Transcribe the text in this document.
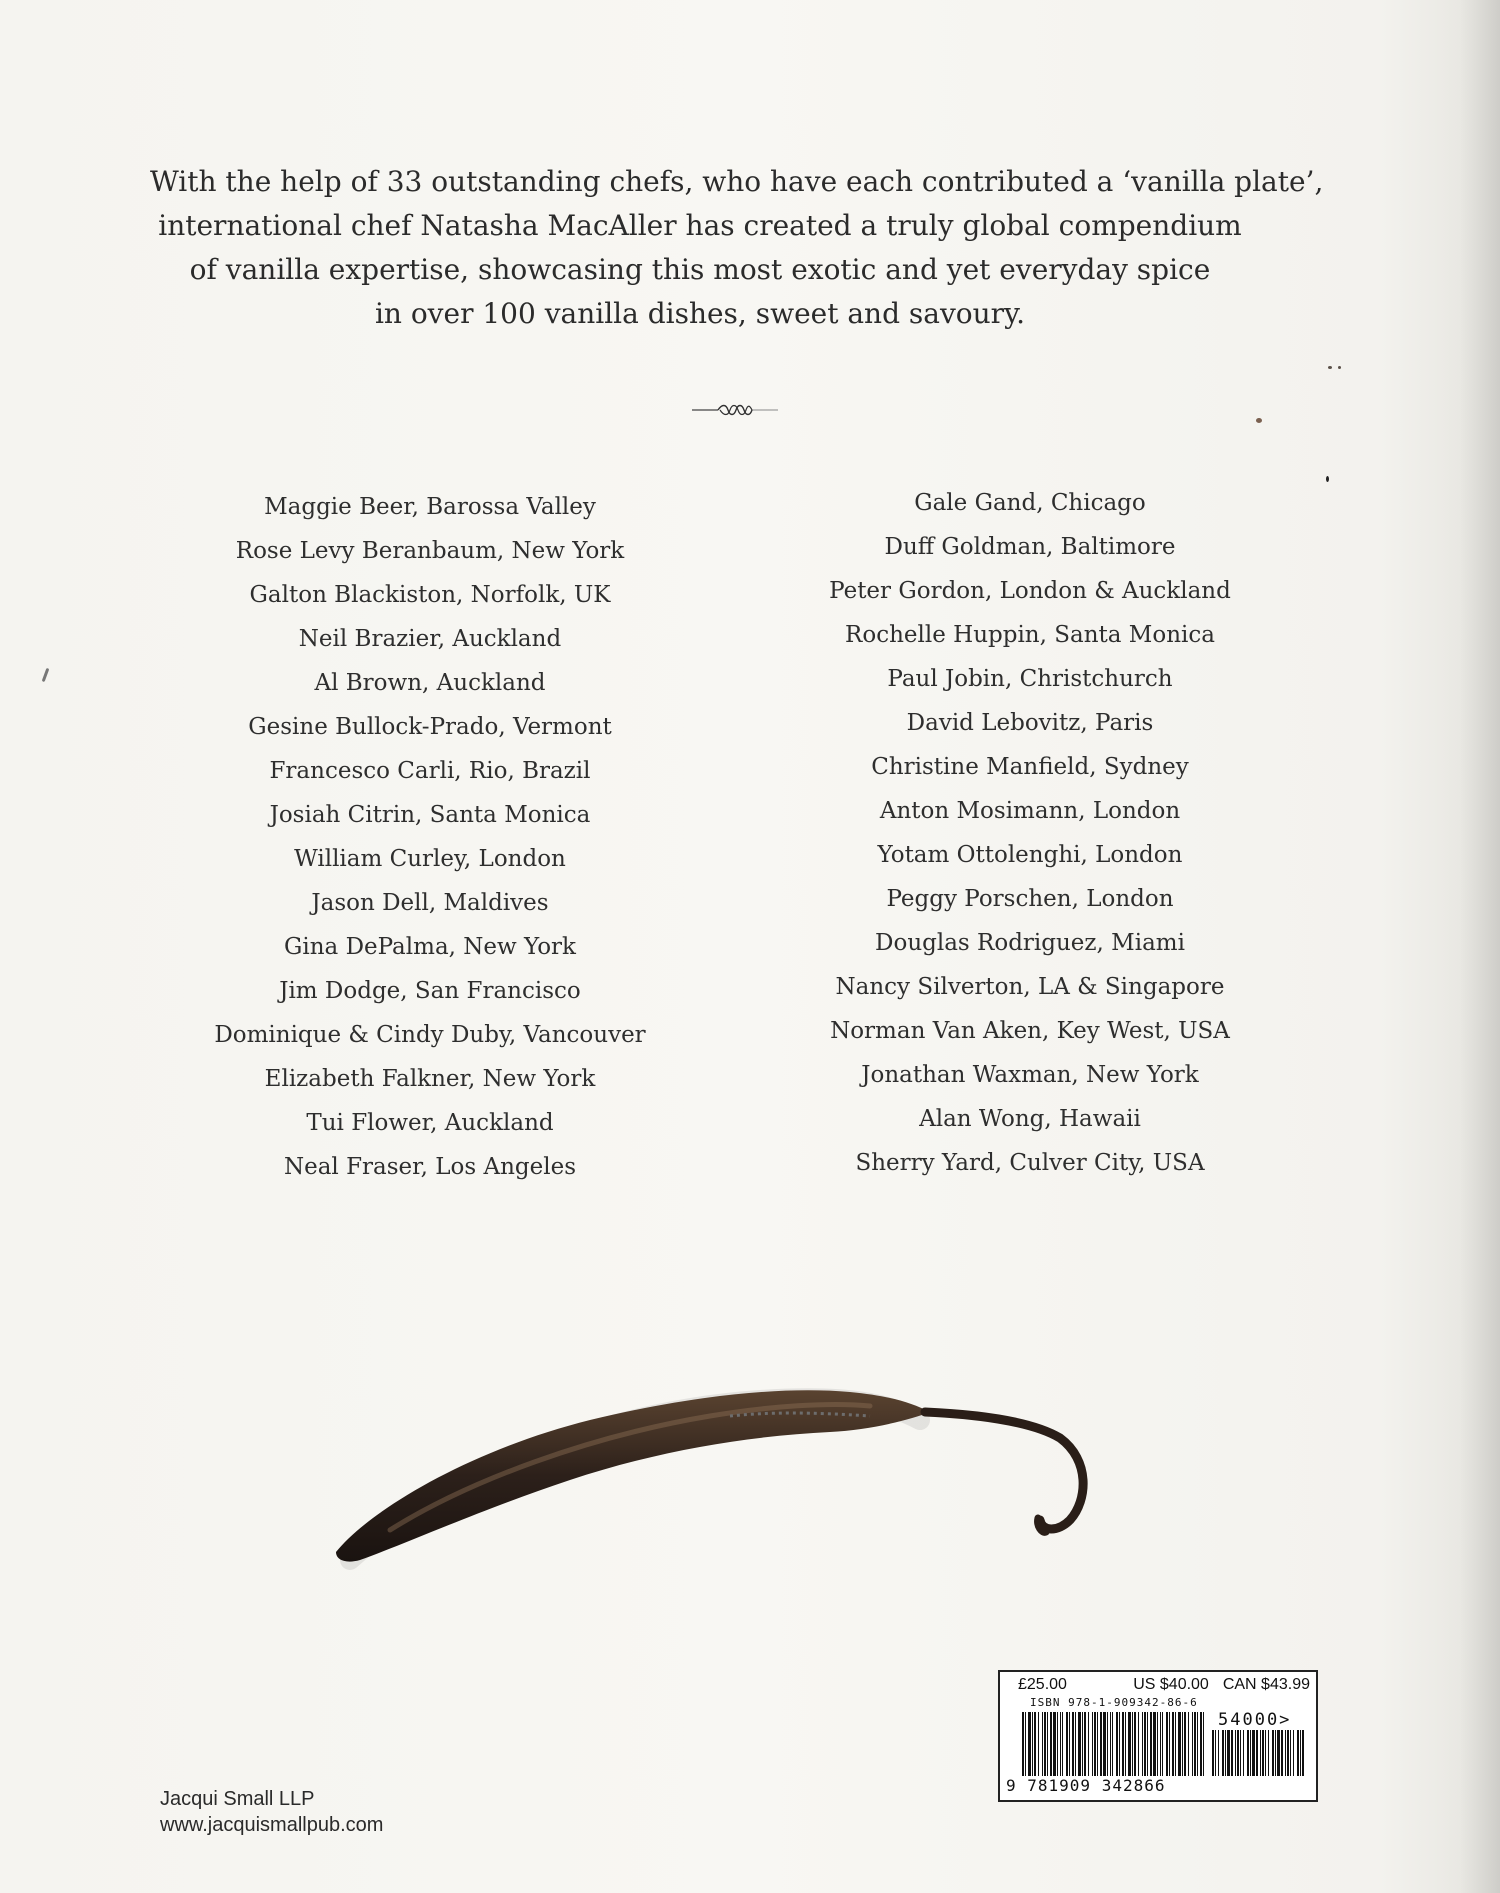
With the help of 33 outstanding chefs, who have each contributed a ‘vanilla plate’,
international chef Natasha MacAller has created a truly global compendium
of vanilla expertise, showcasing this most exotic and yet everyday spice
in over 100 vanilla dishes, sweet and savoury.
Maggie Beer, Barossa Valley
Rose Levy Beranbaum, New York
Galton Blackiston, Norfolk, UK
Neil Brazier, Auckland
Al Brown, Auckland
Gesine Bullock-Prado, Vermont
Francesco Carli, Rio, Brazil
Josiah Citrin, Santa Monica
William Curley, London
Jason Dell, Maldives
Gina DePalma, New York
Jim Dodge, San Francisco
Dominique & Cindy Duby, Vancouver
Elizabeth Falkner, New York
Tui Flower, Auckland
Neal Fraser, Los Angeles
Gale Gand, Chicago
Duff Goldman, Baltimore
Peter Gordon, London & Auckland
Rochelle Huppin, Santa Monica
Paul Jobin, Christchurch
David Lebovitz, Paris
Christine Manfield, Sydney
Anton Mosimann, London
Yotam Ottolenghi, London
Peggy Porschen, London
Douglas Rodriguez, Miami
Nancy Silverton, LA & Singapore
Norman Van Aken, Key West, USA
Jonathan Waxman, New York
Alan Wong, Hawaii
Sherry Yard, Culver City, USA
Jacqui Small LLP
www.jacquismallpub.com
£25.00	US $40.00 CAN $43.99
ISBN 978-1-909342-86-6
54000>
9 781909 342866
